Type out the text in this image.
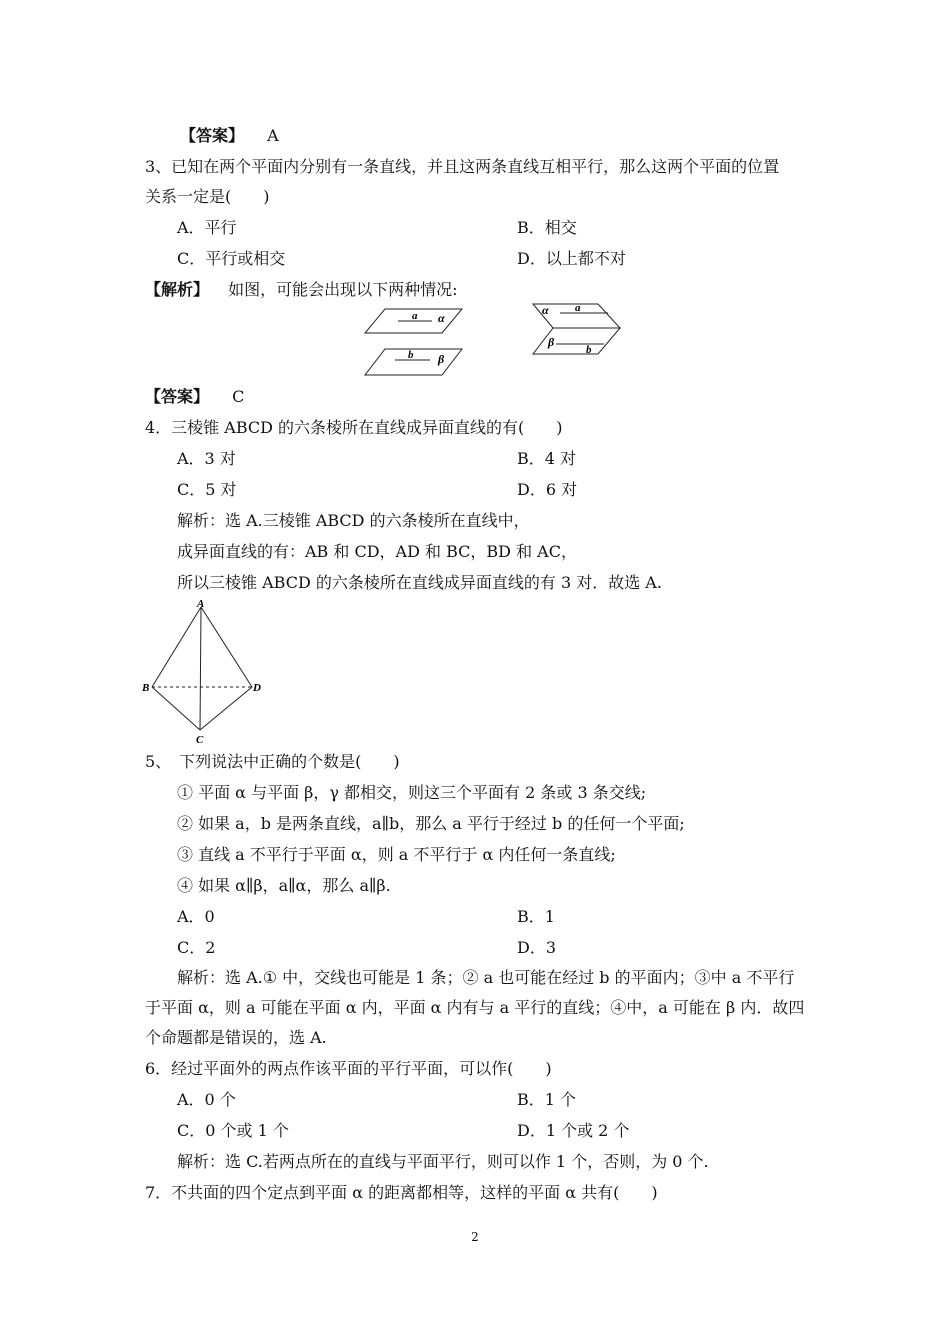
【答案】 A
3、已知在两个平面内分别有一条直线，并且这两条直线互相平行，那么这两个平面的位置
关系一定是(　　)
A．平行	B．相交
C．平行或相交	D．以上都不对
【解析】 如图，可能会出现以下两种情况:
a α
b β
α a
β
b
【答案】 C
4．三棱锥 ABCD 的六条棱所在直线成异面直线的有(　　)
A．3 对	B．4 对
C．5 对	D．6 对
解析：选 A.三棱锥 ABCD 的六条棱所在直线中，
成异面直线的有：AB 和 CD，AD 和 BC，BD 和 AC，
所以三棱锥 ABCD 的六条棱所在直线成异面直线的有 3 对．故选 A.
A
B	D
C
5、　下列说法中正确的个数是(　　)
① 平面 α 与平面 β，γ 都相交，则这三个平面有 2 条或 3 条交线;
② 如果 a，b 是两条直线，a∥b，那么 a 平行于经过 b 的任何一个平面;
③ 直线 a 不平行于平面 α，则 a 不平行于 α 内任何一条直线;
④ 如果 α∥β，a∥α，那么 a∥β.
A．0	B．1
C．2	D．3
解析：选 A.① 中，交线也可能是 1 条；② a 也可能在经过 b 的平面内；③中 a 不平行
于平面 α，则 a 可能在平面 α 内，平面 α 内有与 a 平行的直线；④中，a 可能在 β 内．故四
个命题都是错误的，选 A.
6．经过平面外的两点作该平面的平行平面，可以作(　　)
A．0 个	B．1 个
C．0 个或 1 个	D．1 个或 2 个
解析：选 C.若两点所在的直线与平面平行，则可以作 1 个，否则，为 0 个.
7．不共面的四个定点到平面 α 的距离都相等，这样的平面 α 共有(　　)
2
